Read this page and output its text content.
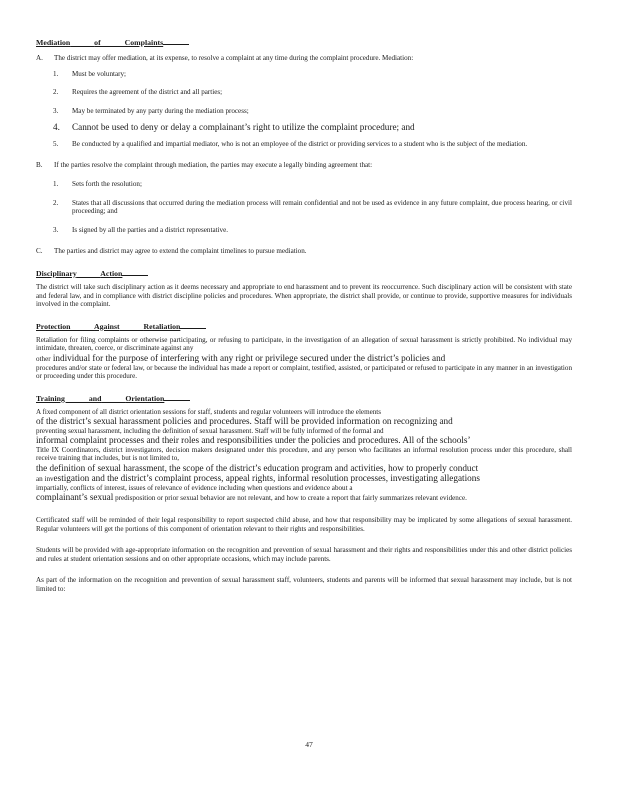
Mediation	of Complaints
A.	The district may offer mediation, at its expense, to resolve a complaint at any time during the complaint procedure. Mediation:
1.	Must be voluntary;
2.	Requires the agreement of the district and all parties;
3.	May be terminated by any party during the mediation process;
4.	Cannot be used to deny or delay a complainant’s right to utilize the complaint procedure; and
5.	Be conducted by a qualified and impartial mediator, who is not an employee of the district or providing services to a student who is the subject of the mediation.
B.	If the parties resolve the complaint through mediation, the parties may execute a legally binding agreement that:
1.	Sets forth the resolution;
2.	States that all discussions that occurred during the mediation process will remain confidential and not be used as evidence in any future complaint, due process hearing, or civil proceeding; and
3.	Is signed by all the parties and a district representative.
C.	The parties and district may agree to extend the complaint timelines to pursue mediation.
Disciplinary	Action
The district will take such disciplinary action as it deems necessary and appropriate to end harassment and to prevent its reoccurrence. Such disciplinary action will be consistent with state and federal law, and in compliance with district discipline policies and procedures. When appropriate, the district shall provide, or continue to provide, supportive measures for individuals involved in the complaint.
Protection	Against	Retaliation
Retaliation for filing complaints or otherwise participating, or refusing to participate, in the investigation of an allegation of sexual harassment is strictly prohibited. No individual may intimidate, threaten, coerce, or discriminate against any
other individual for the purpose of interfering with any right or privilege secured under the district’s policies and
procedures and/or state or federal law, or because the individual has made a report or complaint, testified, assisted, or participated or refused to participate in any manner in an investigation or proceeding under this procedure.
Training and	Orientation
A fixed component of all district orientation sessions for staff, students and regular volunteers will introduce the elements
of the district’s sexual harassment policies and procedures. Staff will be provided information on recognizing and
preventing sexual harassment, including the definition of sexual harassment. Staff will be fully informed of the formal and
informal complaint processes and their roles and responsibilities under the policies and procedures. All of the schools’
Title IX Coordinators, district investigators, decision makers designated under this procedure, and any person who facilitates an informal resolution process under this procedure, shall receive training that includes, but is not limited to,
the definition of sexual harassment, the scope of the district’s education program and activities, how to properly conduct
an investigation and the district’s complaint process, appeal rights, informal resolution processes, investigating allegations
impartially, conflicts of interest, issues of relevance of evidence including when questions and evidence about a
complainant’s sexual predisposition or prior sexual behavior are not relevant, and how to create a report that fairly summarizes relevant evidence.
Certificated staff will be reminded of their legal responsibility to report suspected child abuse, and how that responsibility may be implicated by some allegations of sexual harassment. Regular volunteers will get the portions of this component of orientation relevant to their rights and responsibilities.
Students will be provided with age-appropriate information on the recognition and prevention of sexual harassment and their rights and responsibilities under this and other district policies and rules at student orientation sessions and on other appropriate occasions, which may include parents.
As part of the information on the recognition and prevention of sexual harassment staff, volunteers, students and parents will be informed that sexual harassment may include, but is not limited to:
47
